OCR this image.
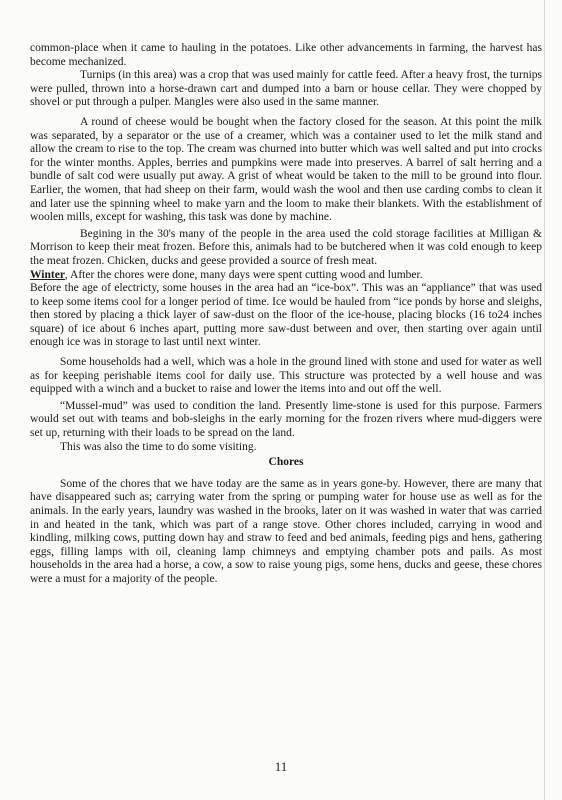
common-place when it came to hauling in the potatoes. Like other advancements in farming, the harvest has become mechanized.

Turnips (in this area) was a crop that was used mainly for cattle feed. After a heavy frost, the turnips were pulled, thrown into a horse-drawn cart and dumped into a barn or house cellar. They were chopped by shovel or put through a pulper. Mangles were also used in the same manner.

A round of cheese would be bought when the factory closed for the season. At this point the milk was separated, by a separator or the use of a creamer, which was a container used to let the milk stand and allow the cream to rise to the top. The cream was churned into butter which was well salted and put into crocks for the winter months. Apples, berries and pumpkins were made into preserves. A barrel of salt herring and a bundle of salt cod were usually put away. A grist of wheat would be taken to the mill to be ground into flour. Earlier, the women, that had sheep on their farm, would wash the wool and then use carding combs to clean it and later use the spinning wheel to make yarn and the loom to make their blankets. With the establishment of woolen mills, except for washing, this task was done by machine.

Begining in the 30's many of the people in the area used the cold storage facilities at Milligan & Morrison to keep their meat frozen. Before this, animals had to be butchered when it was cold enough to keep the meat frozen. Chicken, ducks and geese provided a source of fresh meat.

Winter, After the chores were done, many days were spent cutting wood and lumber.

Before the age of electricty, some houses in the area had an “ice-box”. This was an “appliance” that was used to keep some items cool for a longer period of time. Ice would be hauled from “ice ponds by horse and sleighs, then stored by placing a thick layer of saw-dust on the floor of the ice-house, placing blocks (16 to24 inches square) of ice about 6 inches apart, putting more saw-dust between and over, then starting over again until enough ice was in storage to last until next winter.

Some households had a well, which was a hole in the ground lined with stone and used for water as well as for keeping perishable items cool for daily use. This structure was protected by a well house and was equipped with a winch and a bucket to raise and lower the items into and out off the well.

“Mussel-mud” was used to condition the land. Presently lime-stone is used for this purpose. Farmers would set out with teams and bob-sleighs in the early morning for the frozen rivers where mud-diggers were set up, returning with their loads to be spread on the land.

This was also the time to do some visiting.

Chores

Some of the chores that we have today are the same as in years gone-by. However, there are many that have disappeared such as; carrying water from the spring or pumping water for house use as well as for the animals. In the early years, laundry was washed in the brooks, later on it was washed in water that was carried in and heated in the tank, which was part of a range stove. Other chores included, carrying in wood and kindling, milking cows, putting down hay and straw to feed and bed animals, feeding pigs and hens, gathering eggs, filling lamps with oil, cleaning lamp chimneys and emptying chamber pots and pails. As most households in the area had a horse, a cow, a sow to raise young pigs, some hens, ducks and geese, these chores were a must for a majority of the people.

11
